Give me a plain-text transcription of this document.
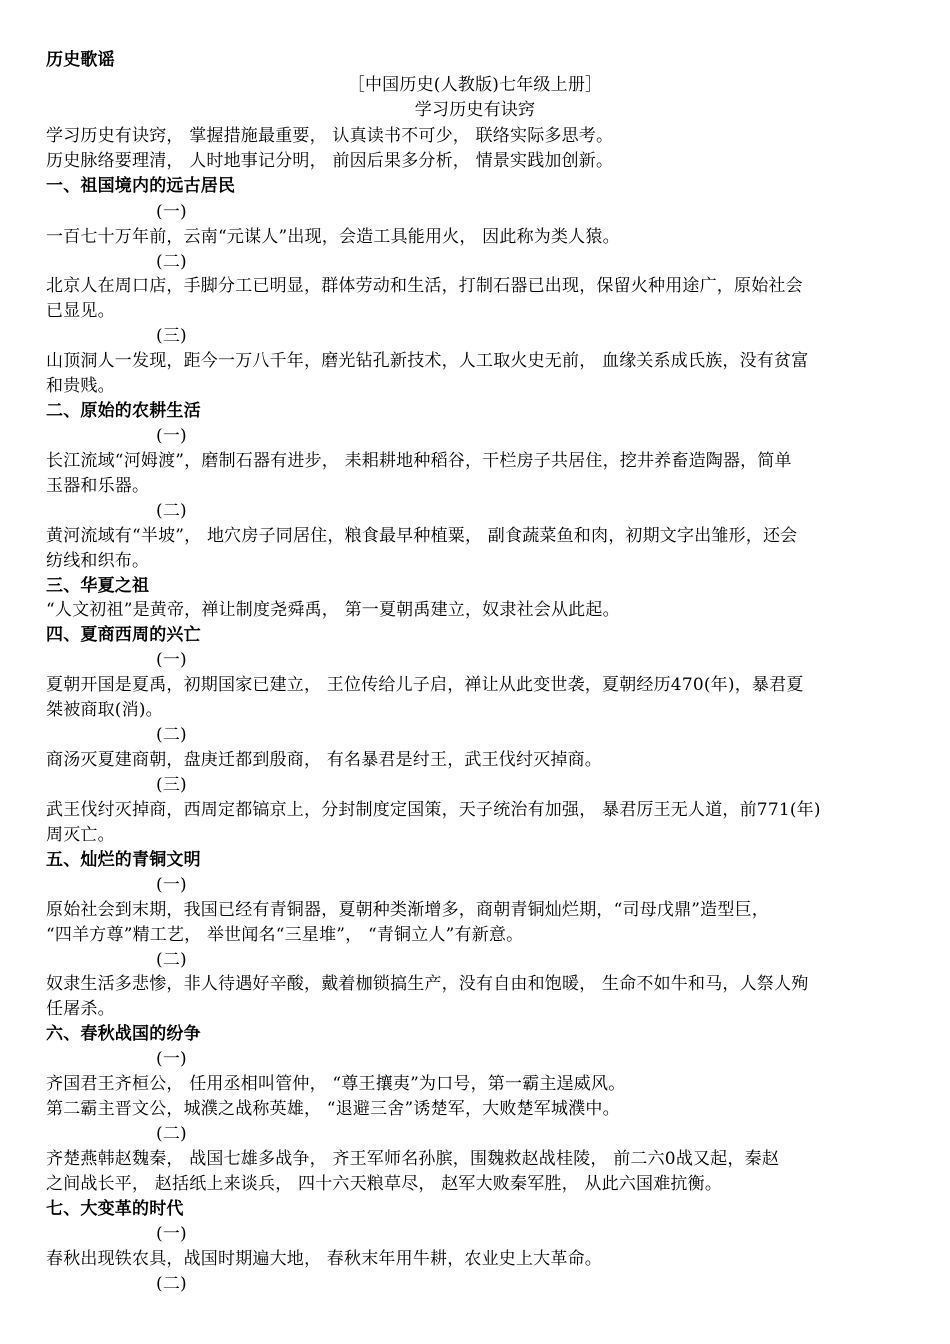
历史歌谣
［中国历史(人教版)七年级上册］
学习历史有诀窍
学习历史有诀窍， 掌握措施最重要， 认真读书不可少， 联络实际多思考。
历史脉络要理清， 人时地事记分明， 前因后果多分析， 情景实践加创新。
一、祖国境内的远古居民
(一)
一百七十万年前，云南“元谋人”出现，会造工具能用火， 因此称为类人猿。
(二)
北京人在周口店，手脚分工已明显，群体劳动和生活，打制石器已出现，保留火种用途广，原始社会
已显见。
(三)
山顶洞人一发现，距今一万八千年，磨光钻孔新技术，人工取火史无前， 血缘关系成氏族，没有贫富
和贵贱。
二、原始的农耕生活
(一)
长江流域“河姆渡”，磨制石器有进步， 耒耜耕地种稻谷，干栏房子共居住，挖井养畜造陶器，简单
玉器和乐器。
(二)
黄河流域有“半坡”， 地穴房子同居住，粮食最早种植粟， 副食蔬菜鱼和肉，初期文字出雏形，还会
纺线和织布。
三、华夏之祖
“人文初祖”是黄帝，禅让制度尧舜禹， 第一夏朝禹建立，奴隶社会从此起。
四、夏商西周的兴亡
(一)
夏朝开国是夏禹，初期国家已建立， 王位传给儿子启，禅让从此变世袭，夏朝经历470(年)，暴君夏
桀被商取(消)。
(二)
商汤灭夏建商朝，盘庚迁都到殷商， 有名暴君是纣王，武王伐纣灭掉商。
(三)
武王伐纣灭掉商，西周定都镐京上，分封制度定国策，天子统治有加强， 暴君厉王无人道，前771(年)
周灭亡。
五、灿烂的青铜文明
(一)
原始社会到末期，我国已经有青铜器，夏朝种类渐增多，商朝青铜灿烂期，“司母戊鼎”造型巨，
“四羊方尊”精工艺， 举世闻名“三星堆”， “青铜立人”有新意。
(二)
奴隶生活多悲惨，非人待遇好辛酸，戴着枷锁搞生产，没有自由和饱暖， 生命不如牛和马，人祭人殉
任屠杀。
六、春秋战国的纷争
(一)
齐国君王齐桓公， 任用丞相叫管仲， “尊王攘夷”为口号，第一霸主逞威风。
第二霸主晋文公，城濮之战称英雄， “退避三舍”诱楚军，大败楚军城濮中。
(二)
齐楚燕韩赵魏秦， 战国七雄多战争， 齐王军师名孙膑，围魏救赵战桂陵， 前二六0战又起，秦赵
之间战长平， 赵括纸上来谈兵， 四十六天粮草尽， 赵军大败秦军胜， 从此六国难抗衡。
七、大变革的时代
(一)
春秋出现铁农具，战国时期遍大地， 春秋末年用牛耕，农业史上大革命。
(二)
